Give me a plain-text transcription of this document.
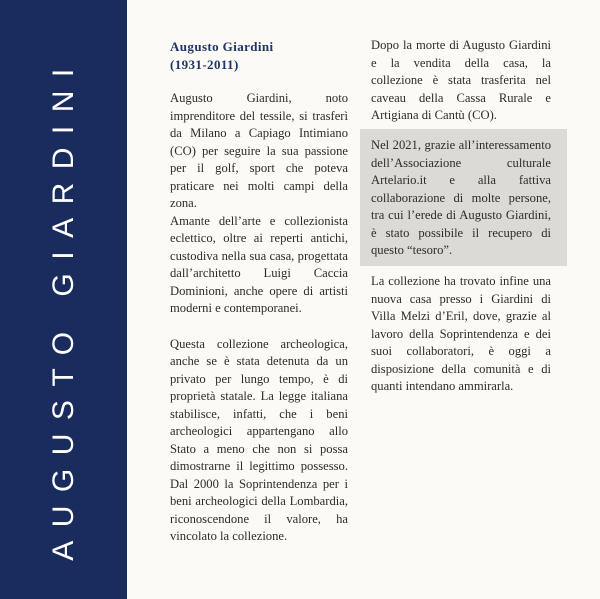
AUGUSTO GIARDINI
Augusto Giardini
(1931-2011)

Augusto Giardini, noto imprenditore del tessile, si trasferì da Milano a Capiago Intimiano (CO) per seguire la sua passione per il golf, sport che poteva praticare nei molti campi della zona.

Amante dell’arte e collezionista eclettico, oltre ai reperti antichi, custodiva nella sua casa, progettata dall’architetto Luigi Caccia Dominioni, anche opere di artisti moderni e contemporanei.

Questa collezione archeologica, anche se è stata detenuta da un privato per lungo tempo, è di proprietà statale. La legge italiana stabilisce, infatti, che i beni archeologici appartengano allo Stato a meno che non si possa dimostrarne il legittimo possesso. Dal 2000 la Soprintendenza per i beni archeologici della Lombardia, riconoscendone il valore, ha vincolato la collezione.

Dopo la morte di Augusto Giardini e la vendita della casa, la collezione è stata trasferita nel caveau della Cassa Rurale e Artigiana di Cantù (CO).

Nel 2021, grazie all’interessamento dell’Associazione culturale Artelario.it e alla fattiva collaborazione di molte persone, tra cui l’erede di Augusto Giardini, è stato possibile il recupero di questo “tesoro”.

La collezione ha trovato infine una nuova casa presso i Giardini di Villa Melzi d’Eril, dove, grazie al lavoro della Soprintendenza e dei suoi collaboratori, è oggi a disposizione della comunità e di quanti intendano ammirarla.
